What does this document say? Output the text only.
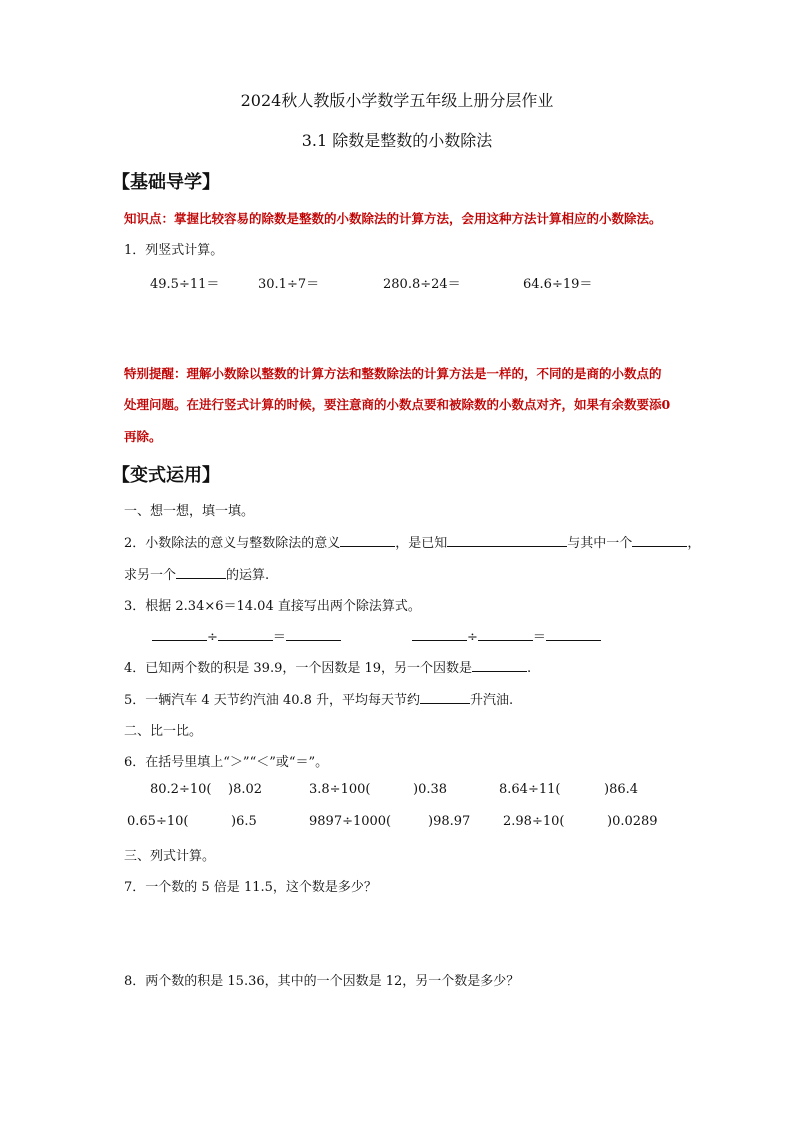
2024秋人教版小学数学五年级上册分层作业
3.1 除数是整数的小数除法
【基础导学】
知识点：掌握比较容易的除数是整数的小数除法的计算方法，会用这种方法计算相应的小数除法。
1．列竖式计算。
49.5÷11＝	30.1÷7＝	280.8÷24＝	64.6÷19＝
特别提醒：理解小数除以整数的计算方法和整数除法的计算方法是一样的，不同的是商的小数点的
处理问题。在进行竖式计算的时候，要注意商的小数点要和被除数的小数点对齐，如果有余数要添0
再除。
【变式运用】
一、想一想，填一填。
2．小数除法的意义与整数除法的意义	，是已知	与其中一个	，
求另一个	的运算.
3．根据 2.34×6＝14.04 直接写出两个除法算式。
÷	＝	÷	＝
4．已知两个数的积是 39.9，一个因数是 19，另一个因数是	.
5．一辆汽车 4 天节约汽油 40.8 升，平均每天节约	升汽油.
二、比一比。
6．在括号里填上“＞”“＜”或“＝”。
80.2÷10( )8.02	3.8÷100(	)0.38	8.64÷11(	)86.4
0.65÷10(	)6.5	9897÷1000(	)98.97	2.98÷10(	)0.0289
三、列式计算。
7．一个数的 5 倍是 11.5，这个数是多少？
8．两个数的积是 15.36，其中的一个因数是 12，另一个数是多少？
